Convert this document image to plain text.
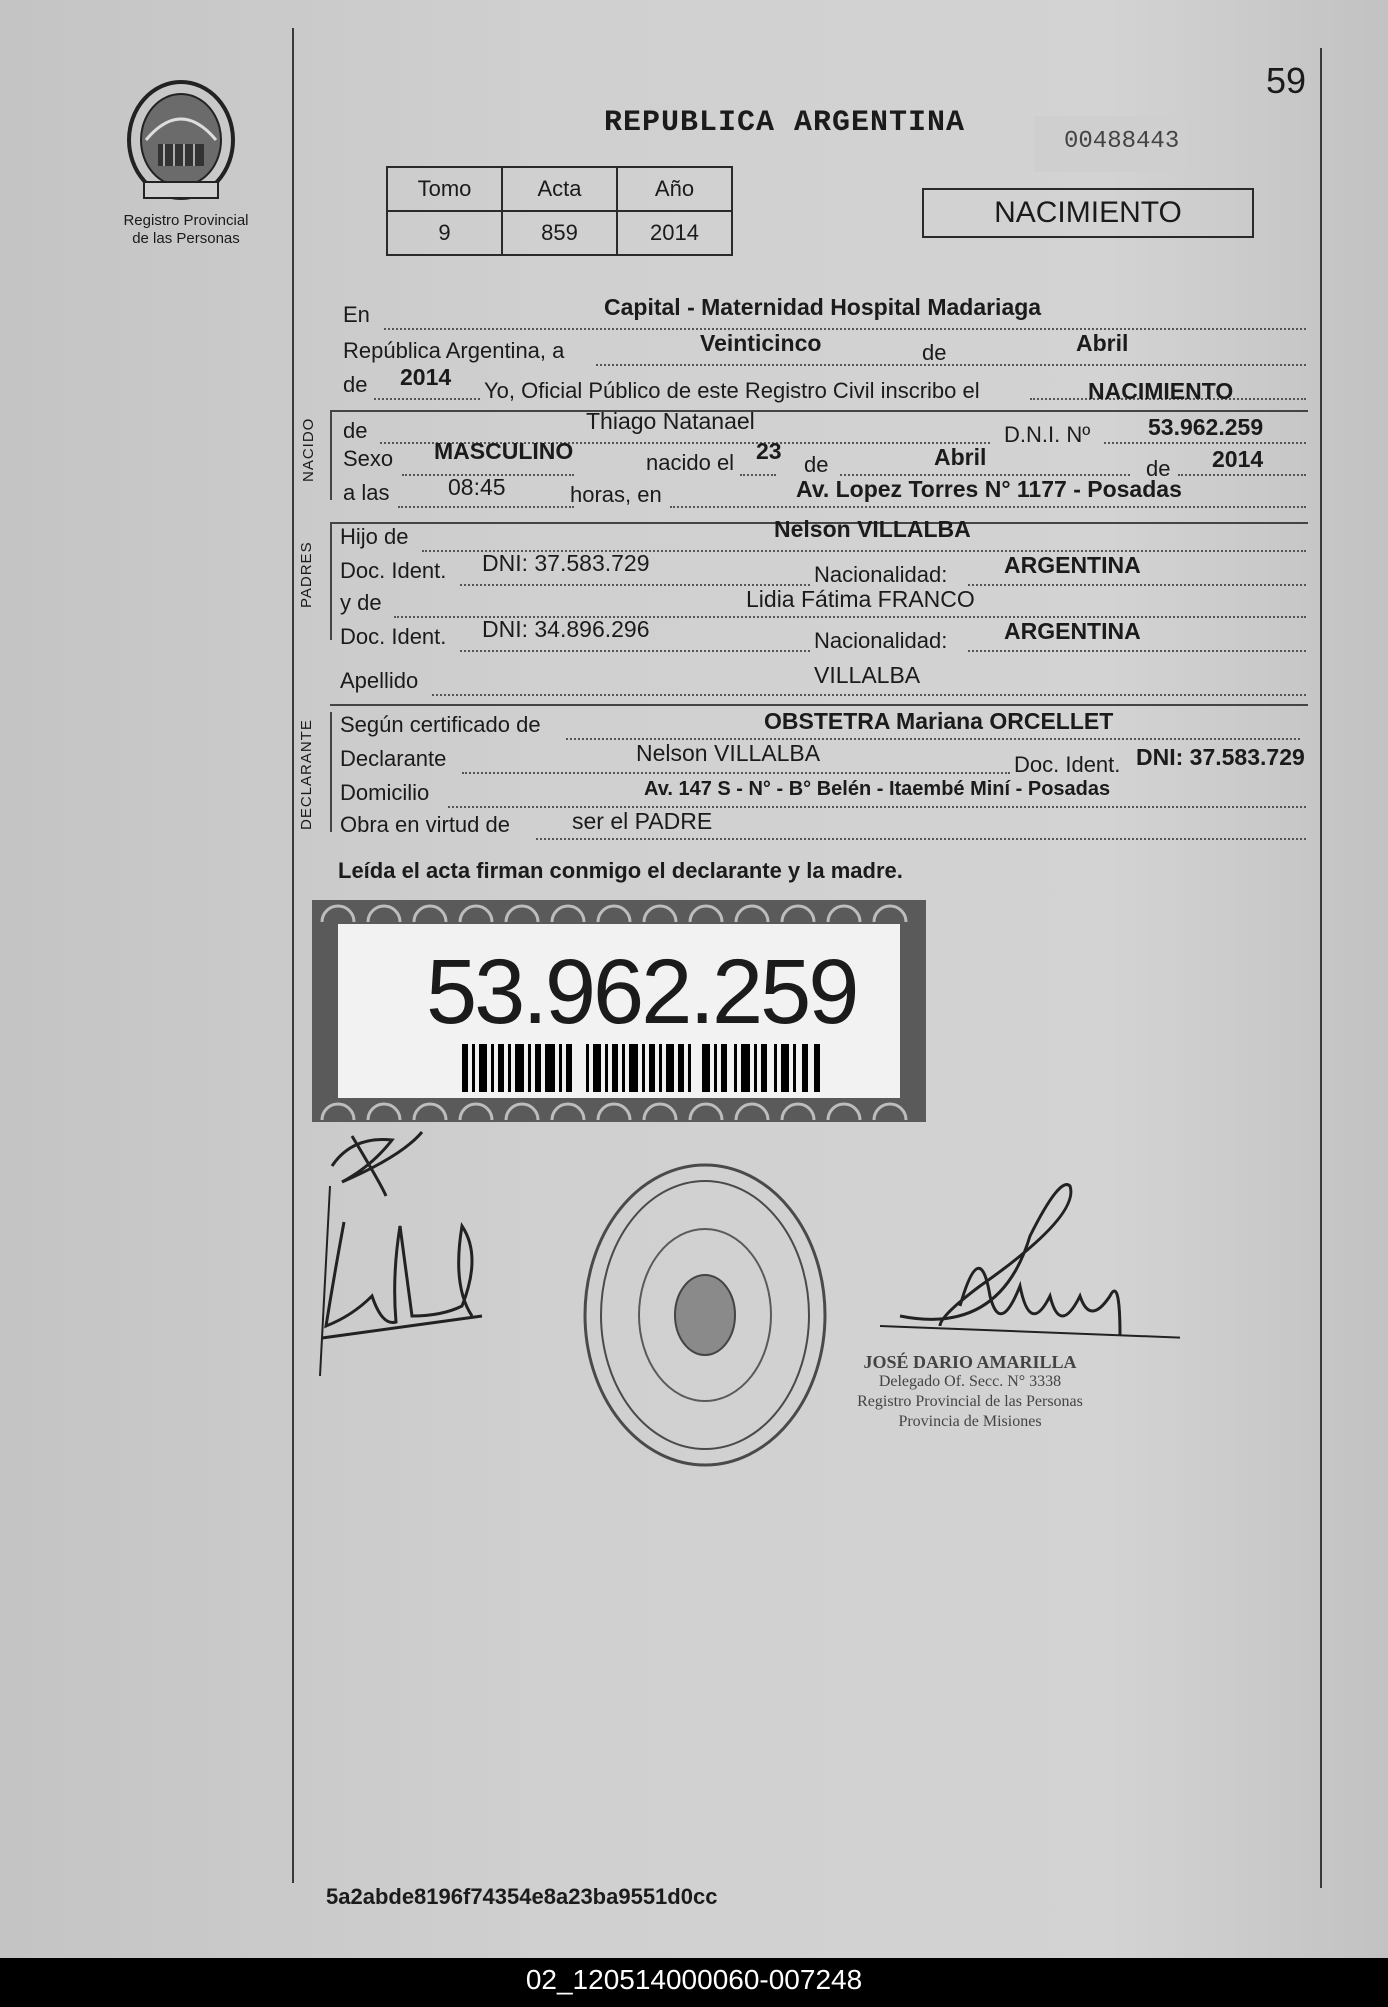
Registro Provincial
de las Personas
59
REPUBLICA ARGENTINA
00488443
Tomo	Acta	Año
9	859	2014
NACIMIENTO
En	Capital - Maternidad Hospital Madariaga
República Argentina, a	Veinticinco	de	Abril
de 2014
Yo, Oficial Público de este Registro Civil inscribo el	NACIMIENTO
NACIDO de	Thiago Natanael
D.N.I. Nº	53.962.259
Sexo MASCULINO	nacido el 23
de	Abril	de 2014
a las	08:45	horas, en	Av. Lopez Torres N° 1177 - Posadas
PADRES
Hijo de	Nelson VILLALBA
Doc. Ident. DNI: 37.583.729	Nacionalidad: ARGENTINA
y de	Lidia Fátima FRANCO
Doc. Ident. DNI: 34.896.296	Nacionalidad: ARGENTINA
Apellido	VILLALBA
DECLARANTE Según certificado de	OBSTETRA Mariana ORCELLET
Declarante	Nelson VILLALBA	Doc. Ident. DNI: 37.583.729
Domicilio	Av. 147 S - N° - B° Belén - Itaembé Miní - Posadas
Obra en virtud de	ser el PADRE
Leída el acta firman conmigo el declarante y la madre.
53.962.259
JOSÉ DARIO AMARILLA
Delegado Of. Secc. N° 3338
Registro Provincial de las Personas
Provincia de Misiones
5a2abde8196f74354e8a23ba9551d0cc
02_120514000060-007248
